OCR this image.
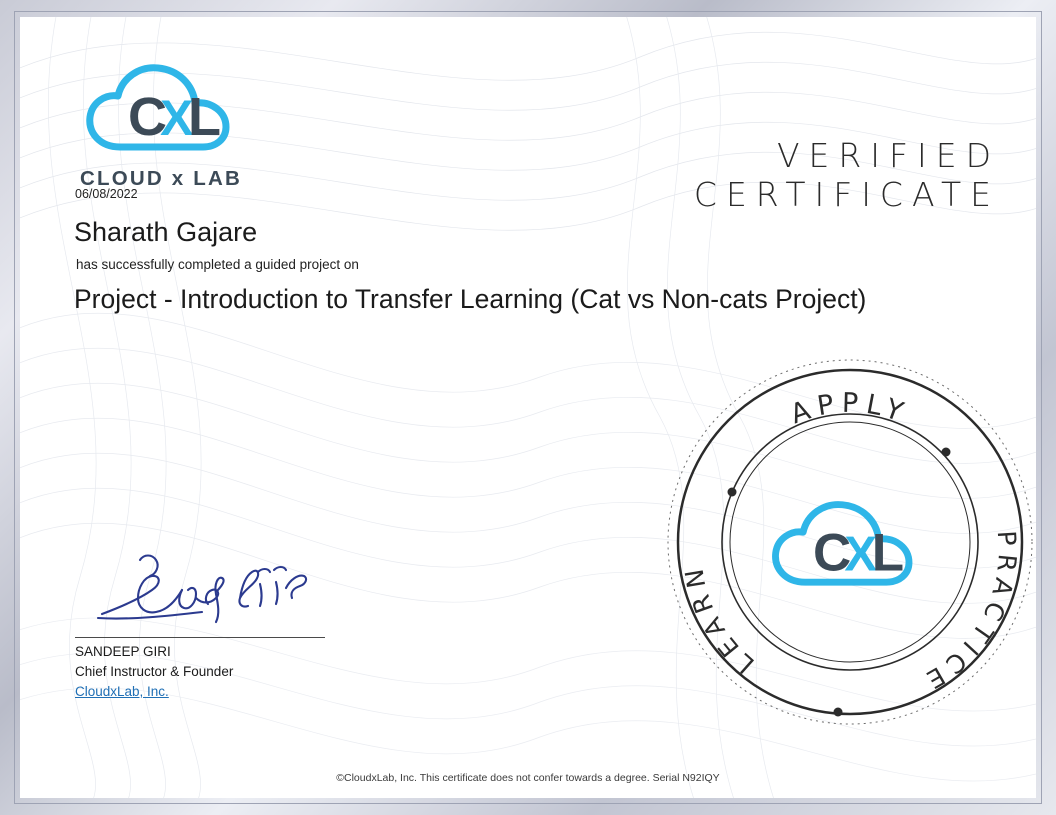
C
X
L
CLOUD x LAB
VERIFIED
CERTIFICATE
06/08/2022
Sharath Gajare
has successfully completed a guided project on
Project - Introduction to Transfer Learning (Cat vs Non-cats Project)
SANDEEP GIRI
Chief Instructor & Founder
CloudxLab, Inc.
APPLY
PRACTICE
LEARN	C
X
L
©CloudxLab, Inc. This certificate does not confer towards a degree. Serial N92IQY
